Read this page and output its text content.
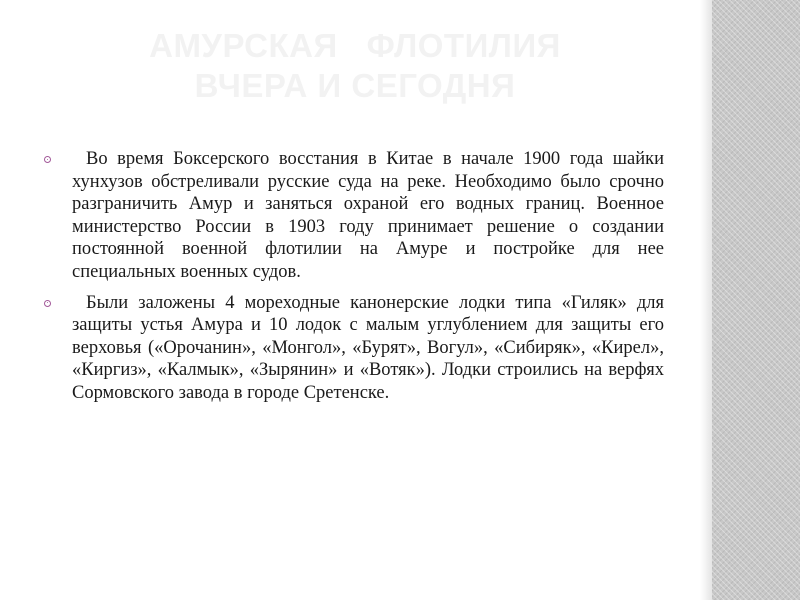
АМУРСКАЯ   ФЛОТИЛИЯ
ВЧЕРА И СЕГОДНЯ

Во время Боксерского восстания в Китае в начале 1900 года шайки хунхузов обстреливали русские суда на реке. Необходимо было срочно разграничить Амур и заняться охраной его водных границ. Военное министерство России в 1903 году принимает решение о создании постоянной военной флотилии на Амуре и постройке для нее специальных военных судов.

Были заложены 4 мореходные канонерские лодки типа «Гиляк» для защиты устья Амура и 10 лодок с малым углублением для защиты его верховья («Орочанин», «Монгол», «Бурят», Вогул», «Сибиряк», «Кирел», «Киргиз», «Калмык», «Зырянин» и «Вотяк»). Лодки строились на верфях Сормовского завода в городе Сретенске.
